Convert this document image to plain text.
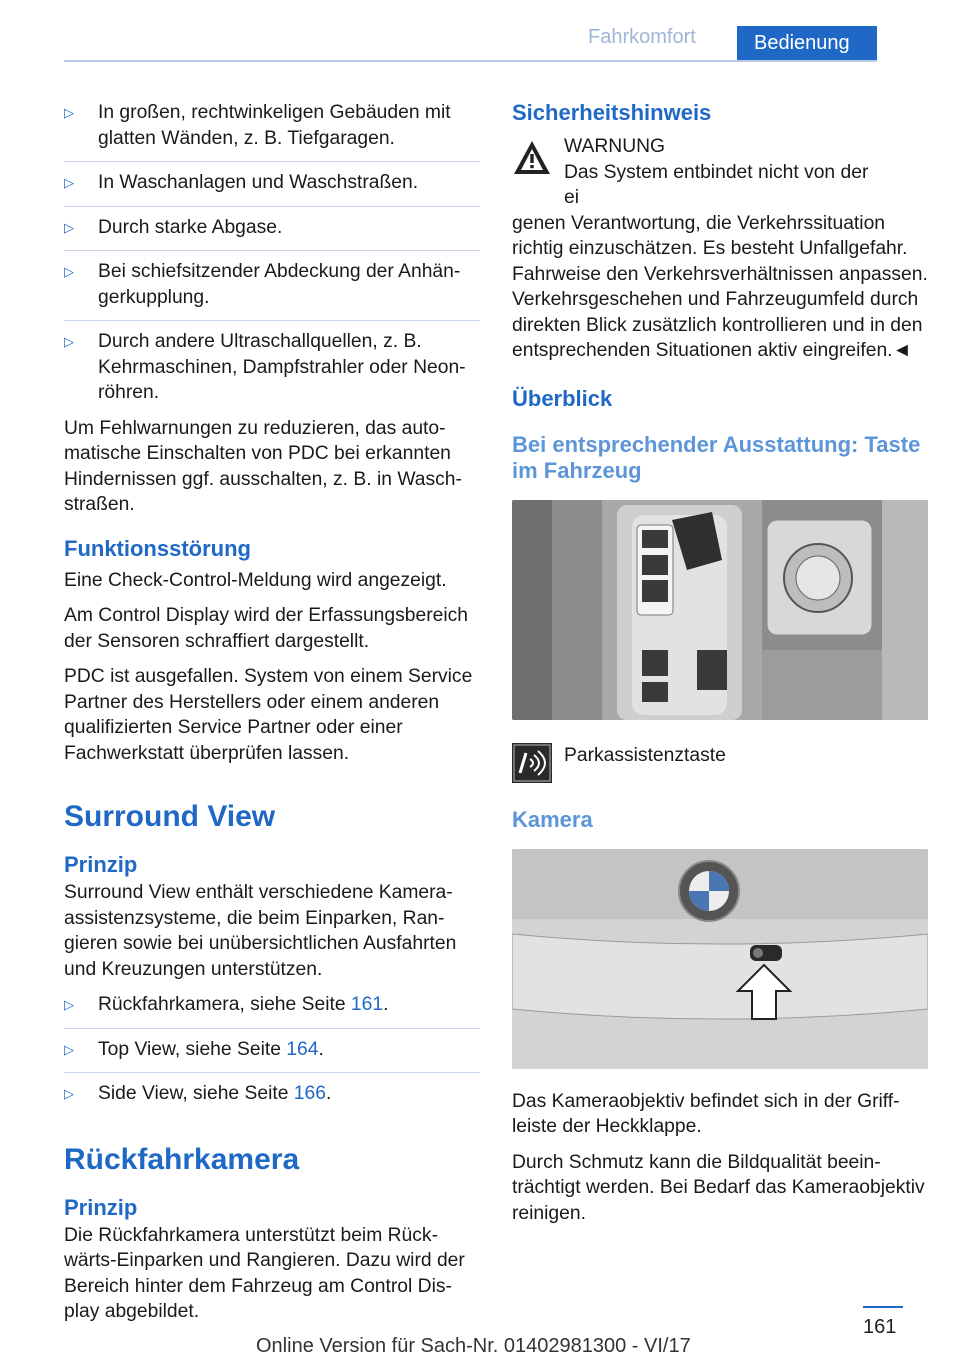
Fahrkomfort	Bedienung
▷	In großen, rechtwinkeligen Gebäuden mit glatten Wänden, z. B. Tiefgaragen.
▷	In Waschanlagen und Waschstraßen.
▷	Durch starke Abgase.
▷	Bei schiefsitzender Abdeckung der Anhängerkupplung.
▷	Durch andere Ultraschallquellen, z. B. Kehrmaschinen, Dampfstrahler oder Neonröhren.

Um Fehlwarnungen zu reduzieren, das automatische Einschalten von PDC bei erkannten Hindernissen ggf. ausschalten, z. B. in Waschstraßen.

Funktionsstörung

Eine Check-Control-Meldung wird angezeigt.

Am Control Display wird der Erfassungsbereich der Sensoren schraffiert dargestellt.

PDC ist ausgefallen. System von einem Service Partner des Herstellers oder einem anderen qualifizierten Service Partner oder einer Fachwerkstatt überprüfen lassen.

Surround View
Prinzip

Surround View enthält verschiedene Kameraassistenzsysteme, die beim Einparken, Rangieren sowie bei unübersichtlichen Ausfahrten und Kreuzungen unterstützen.

▷	Rückfahrkamera, siehe Seite 161.
▷	Top View, siehe Seite 164.
▷	Side View, siehe Seite 166.
Rückfahrkamera
Prinzip

Die Rückfahrkamera unterstützt beim Rückwärts-Einparken und Rangieren. Dazu wird der Bereich hinter dem Fahrzeug am Control Display abgebildet.

Sicherheitshinweis
WARNUNG
Das System entbindet nicht von der ei

genen Verantwortung, die Verkehrssituation richtig einzuschätzen. Es besteht Unfallgefahr. Fahrweise den Verkehrsverhältnissen anpassen. Verkehrsgeschehen und Fahrzeugumfeld durch direkten Blick zusätzlich kontrollieren und in den entsprechenden Situationen aktiv eingreifen.◄

Überblick
Bei entsprechender Ausstattung: Taste im Fahrzeug
Parkassistenztaste
Kamera

Das Kameraobjektiv befindet sich in der Griffleiste der Heckklappe.

Durch Schmutz kann die Bildqualität beeinträchtigt werden. Bei Bedarf das Kameraobjektiv reinigen.

161
Online Version für Sach-Nr. 01402981300 - VI/17
